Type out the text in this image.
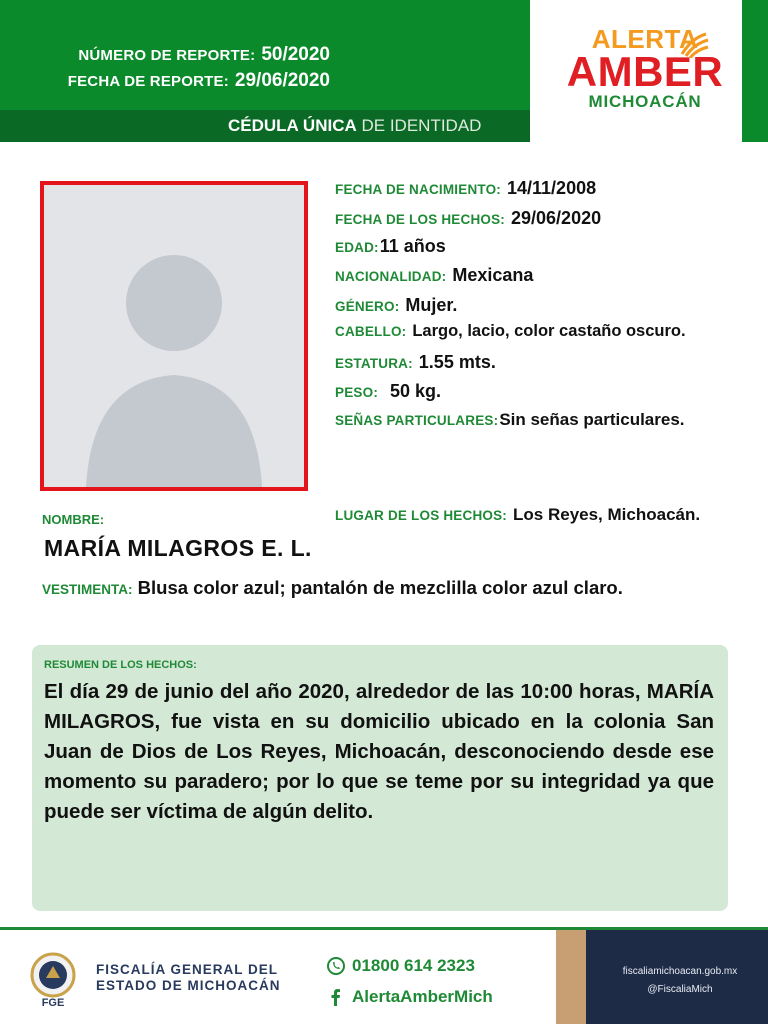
NÚMERO DE REPORTE: 50/2020
FECHA DE REPORTE: 29/06/2020
CÉDULA ÚNICA DE IDENTIDAD
ALERTA
AMBER
MICHOACÁN
FECHA DE NACIMIENTO: 14/11/2008
FECHA DE LOS HECHOS: 29/06/2020
EDAD: 11 años
NACIONALIDAD: Mexicana
GÉNERO: Mujer.
CABELLO: Largo, lacio, color castaño oscuro.
ESTATURA: 1.55 mts.
PESO: 50 kg.
SEÑAS PARTICULARES: Sin señas particulares.
LUGAR DE LOS HECHOS: Los Reyes, Michoacán.
NOMBRE:
MARÍA MILAGROS E. L.
VESTIMENTA: Blusa color azul; pantalón de mezclilla color azul claro.
RESUMEN DE LOS HECHOS:
El día 29 de junio del año 2020, alrededor de las 10:00 horas, MARÍA MILAGROS, fue vista en su domicilio ubicado en la colonia San Juan de Dios de Los Reyes, Michoacán, desconociendo desde ese momento su paradero; por lo que se teme por su integridad ya que puede ser víctima de algún delito.
FGE
FISCALÍA GENERAL DEL
ESTADO DE MICHOACÁN
01800 614 2323
AlertaAmberMich
fiscaliamichoacan.gob.mx
@FiscaliaMich
